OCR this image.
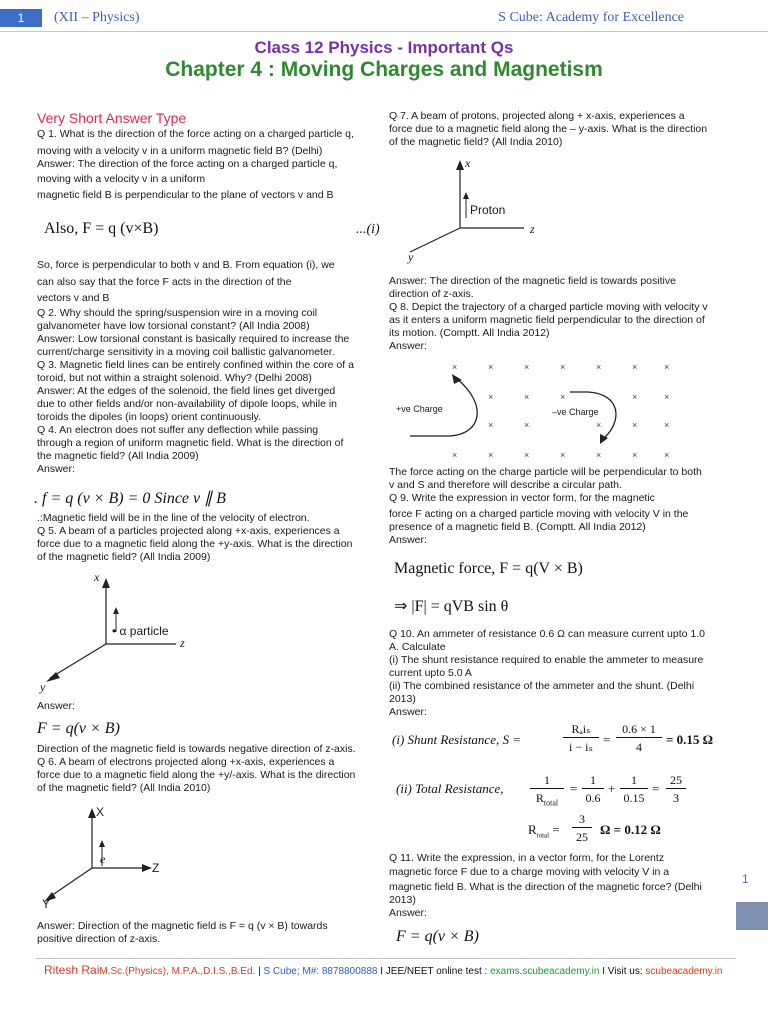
1	(XII – Physics)	S Cube: Academy for Excellence
Class 12 Physics - Important Qs
Chapter 4 : Moving Charges and Magnetism
Very Short Answer Type
Q 1. What is the direction of the force acting on a charged particle q,
moving with a velocity v in a uniform magnetic field B? (Delhi)
Answer: The direction of the force acting on a charged particle q,
moving with a velocity v in a uniform
magnetic field B is perpendicular to the plane of vectors v and B
Also, F = q (v×B)	...(i)
So, force is perpendicular to both v and B. From equation (i), we
can also say that the force F acts in the direction of the
vectors v and B
Q 2. Why should the spring/suspension wire in a moving coil
galvanometer have low torsional constant? (All India 2008)
Answer: Low torsional constant is basically required to increase the
current/charge sensitivity in a moving coil ballistic galvanometer.
Q 3. Magnetic field lines can be entirely confined within the core of a
toroid, but not within a straight solenoid. Why? (Delhi 2008)
Answer: At the edges of the solenoid, the field lines get diverged
due to other fields and/or non-availability of dipole loops, while in
toroids the dipoles (in loops) orient continuously.
Q 4. An electron does not suffer any deflection while passing
through a region of uniform magnetic field. What is the direction of
the magnetic field? (All India 2009)
Answer:
. f = q (v × B) = 0 Since v ∥ B
.:Magnetic field will be in the line of the velocity of electron.
Q 5. A beam of a particles projected along +x-axis, experiences a
force due to a magnetic field along the +y-axis. What is the direction
of the magnetic field? (All India 2009)
x
• α particle
z
y
Answer:
F = q(v × B)
Direction of the magnetic field is towards negative direction of z-axis.
Q 6. A beam of electrons projected along +x-axis, experiences a
force due to a magnetic field along the +y/-axis. What is the direction
of the magnetic field? (All India 2010)
X
e
Z
Y
Answer: Direction of the magnetic field is F = q (v × B) towards
positive direction of z-axis.
Q 7. A beam of protons, projected along + x-axis, experiences a
force due to a magnetic field along the – y-axis. What is the direction
of the magnetic field? (All India 2010)
x
Proton
z
y
Answer: The direction of the magnetic field is towards positive
direction of z-axis.
Q 8. Depict the trajectory of a charged particle moving with velocity v
as it enters a uniform magnetic field perpendicular to the direction of
its motion. (Comptt. All India 2012)
Answer:
×	×	×	×	×	×	×
×	×	×	×	×
×	×	×	×	×
×	×	×	×	×	×	×
+ve Charge	–ve Charge
The force acting on the charge particle will be perpendicular to both
v and S and therefore will describe a circular path.
Q 9. Write the expression in vector form, for the magnetic
force F acting on a charged particle moving with velocity V in the
presence of a magnetic field B. (Comptt. All India 2012)
Answer:
Magnetic force, F = q(V × B)
⇒ |F| = qVB sin θ
Q 10. An ammeter of resistance 0.6 Ω can measure current upto 1.0
A. Calculate
(i) The shunt resistance required to enable the ammeter to measure
current upto 5.0 A
(ii) The combined resistance of the ammeter and the shunt. (Delhi
2013)
Answer:
(i) Shunt Resistance, S =
Rₐiₛ
i − iₛ =
0.6 × 1
4	= 0.15 Ω
(ii) Total Resistance,
1
$R_{total}$
=
1
0.6
+
1
0.15
=
25
3
$R_{total}$ =
3
25 Ω = 0.12 Ω
Q 11. Write the expression, in a vector form, for the Lorentz
magnetic force F due to a charge moving with velocity V in a
magnetic field B. What is the direction of the magnetic force? (Delhi
2013)
Answer:
F = q(v × B)
Ritesh RaiM.Sc.(Physics), M.P.A.,D.I.S.,B.Ed. | S Cube; M#: 8878800888 I JEE/NEET online test : exams.scubeacademy.in I Visit us: scubeacademy.in
1
